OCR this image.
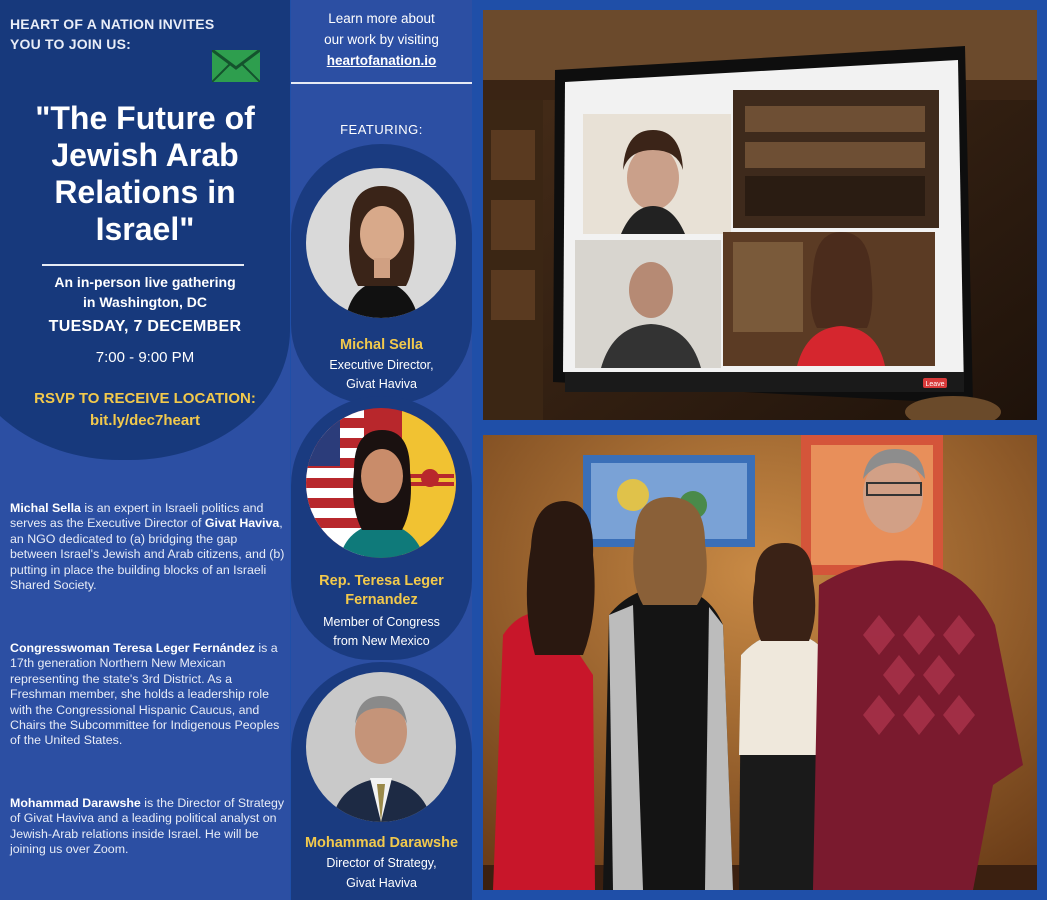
HEART OF A NATION INVITES
YOU TO JOIN US:
"The Future of Jewish Arab Relations in Israel"
An in-person live gathering
in Washington, DC
TUESDAY, 7 DECEMBER
7:00 - 9:00 PM
RSVP TO RECEIVE LOCATION:
bit.ly/dec7heart
Michal Sella is an expert in Israeli politics and serves as the Executive Director of Givat Haviva, an NGO dedicated to (a) bridging the gap between Israel's Jewish and Arab citizens, and (b) putting in place the building blocks of an Israeli Shared Society.
Congresswoman Teresa Leger Fernández is a 17th generation Northern New Mexican representing the state's 3rd District. As a Freshman member, she holds a leadership role with the Congressional Hispanic Caucus, and Chairs the Subcommittee for Indigenous Peoples of the United States.
Mohammad Darawshe is the Director of Strategy of Givat Haviva and a leading political analyst on Jewish-Arab relations inside Israel. He will be joining us over Zoom.
Learn more about
our work by visiting
heartofanation.io
FEATURING:
Michal Sella
Executive Director,
Givat Haviva
Rep. Teresa Leger
Fernandez
Member of Congress
from New Mexico
Mohammad Darawshe
Director of Strategy,
Givat Haviva
Leave
